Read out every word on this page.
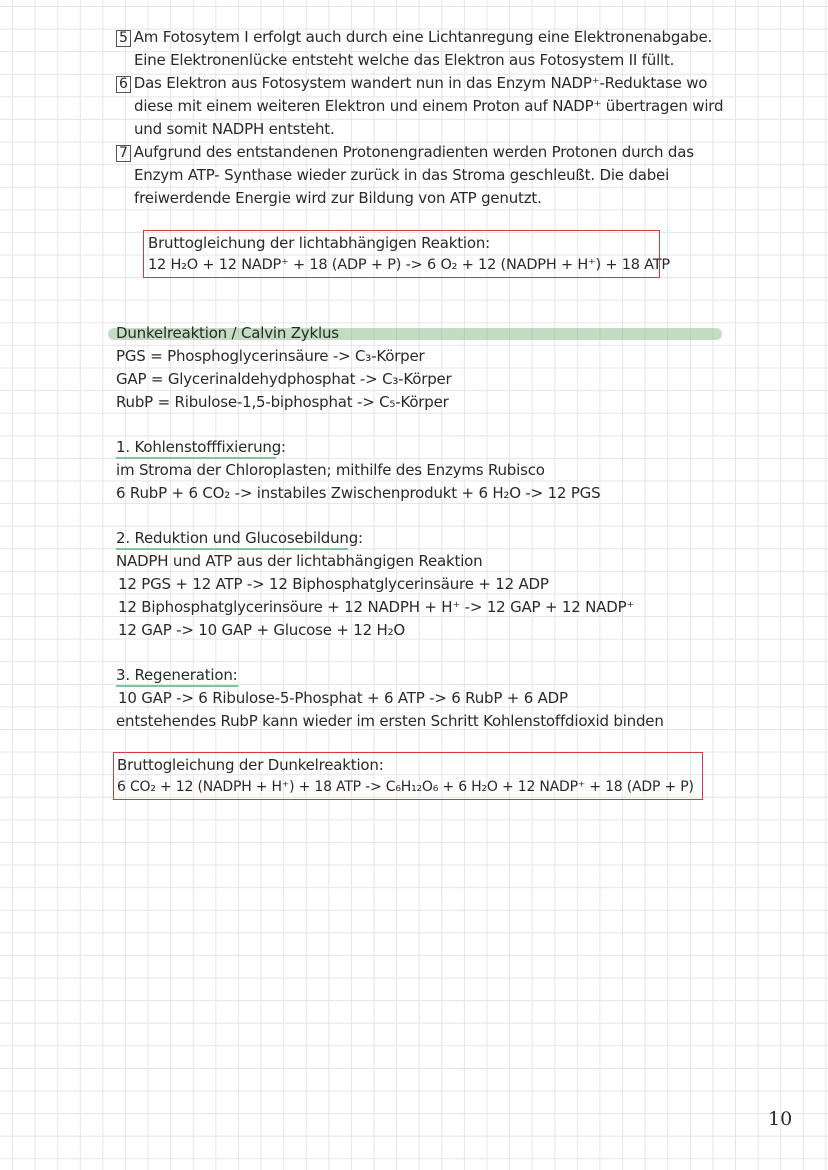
5 Am Fotosytem I erfolgt auch durch eine Lichtanregung eine Elektronenabgabe.
Eine Elektronenlücke entsteht welche das Elektron aus Fotosystem II füllt.
6 Das Elektron aus Fotosystem wandert nun in das Enzym NADP⁺-Reduktase wo
diese mit einem weiteren Elektron und einem Proton auf NADP⁺ übertragen wird
und somit NADPH entsteht.
7 Aufgrund des entstandenen Protonengradienten werden Protonen durch das
Enzym ATP- Synthase wieder zurück in das Stroma geschleußt. Die dabei
freiwerdende Energie wird zur Bildung von ATP genutzt.
Bruttogleichung der lichtabhängigen Reaktion:
12 H₂O + 12 NADP⁺ + 18 (ADP + P) -> 6 O₂ + 12 (NADPH + H⁺) + 18 ATP
Dunkelreaktion / Calvin Zyklus
PGS = Phosphoglycerinsäure -> C₃-Körper
GAP = Glycerinaldehydphosphat -> C₃-Körper
RubP = Ribulose-1,5-biphosphat -> C₅-Körper
1. Kohlenstofffixierung:
im Stroma der Chloroplasten; mithilfe des Enzyms Rubisco
6 RubP + 6 CO₂ -> instabiles Zwischenprodukt + 6 H₂O -> 12 PGS
2. Reduktion und Glucosebildung:
NADPH und ATP aus der lichtabhängigen Reaktion
12 PGS + 12 ATP -> 12 Biphosphatglycerinsäure + 12 ADP
12 Biphosphatglycerinsöure + 12 NADPH + H⁺ -> 12 GAP + 12 NADP⁺
12 GAP -> 10 GAP + Glucose + 12 H₂O
3. Regeneration:
10 GAP -> 6 Ribulose-5-Phosphat + 6 ATP -> 6 RubP + 6 ADP
entstehendes RubP kann wieder im ersten Schritt Kohlenstoffdioxid binden
Bruttogleichung der Dunkelreaktion:
6 CO₂ + 12 (NADPH + H⁺) + 18 ATP -> C₆H₁₂O₆ + 6 H₂O + 12 NADP⁺ + 18 (ADP + P)
10
